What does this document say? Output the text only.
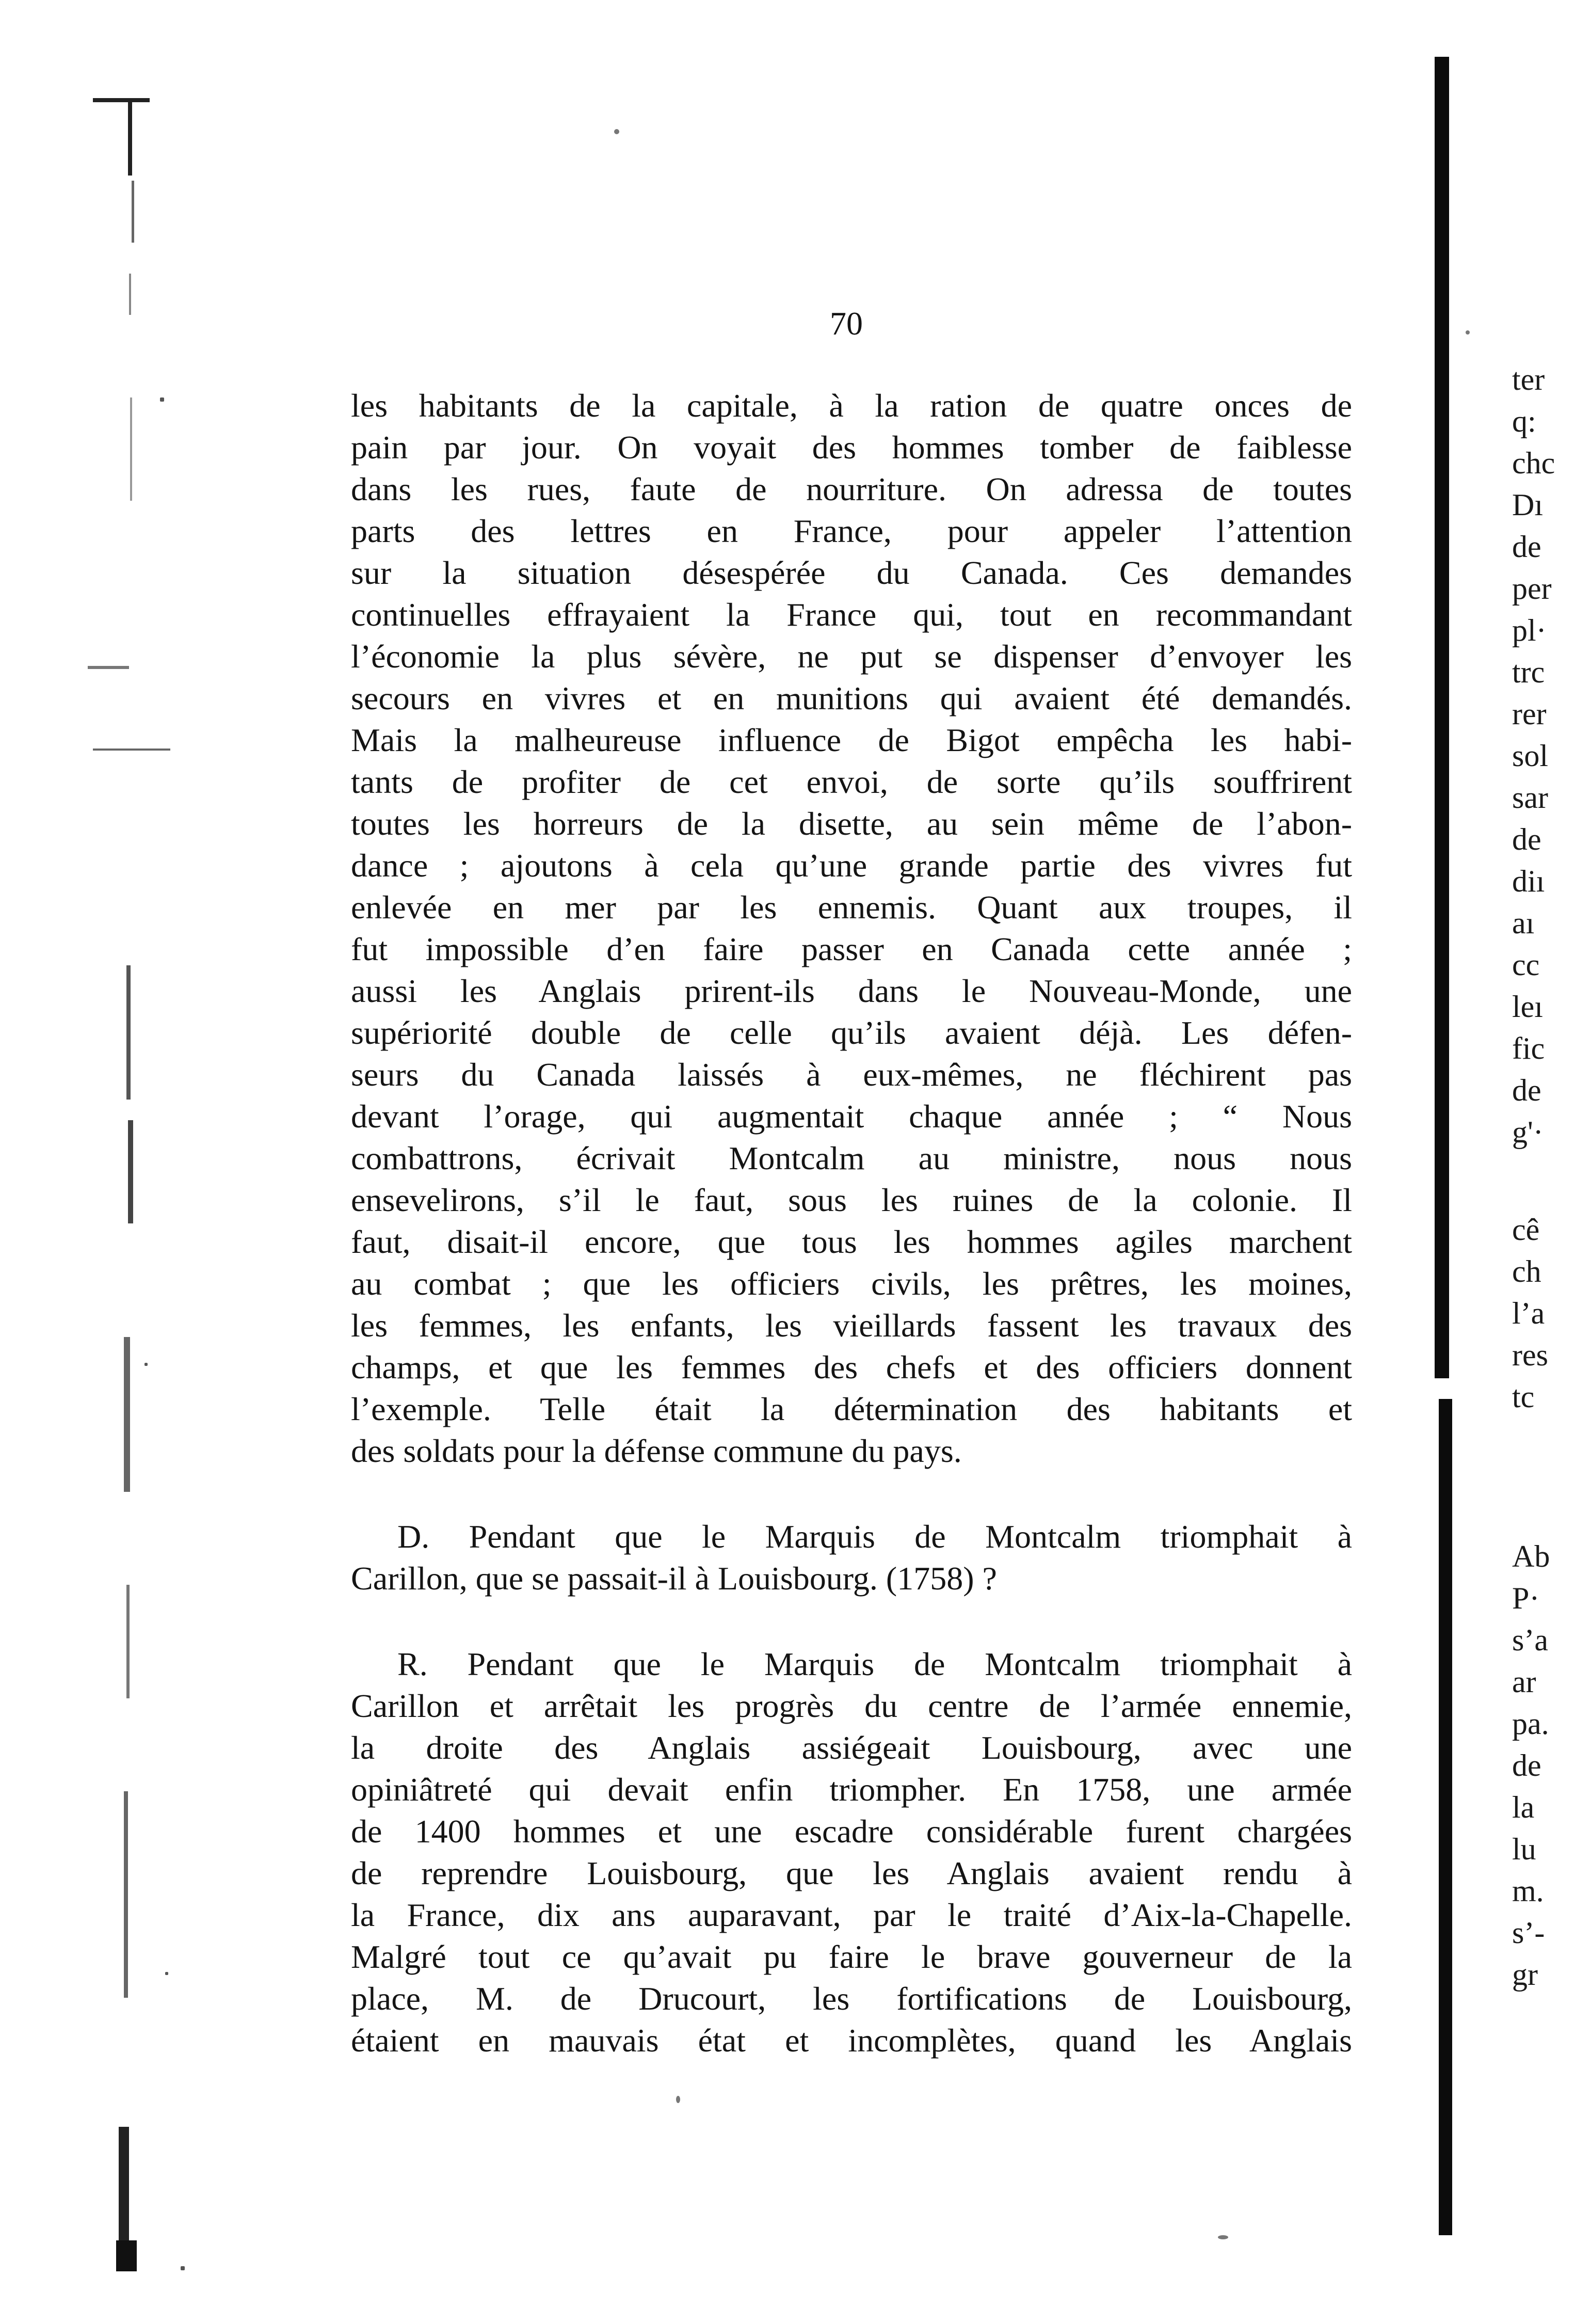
70
les habitants de la capitale, à la ration de quatre onces de
pain par jour. On voyait des hommes tomber de faiblesse
dans les rues, faute de nourriture. On adressa de toutes
parts des lettres en France, pour appeler l’attention
sur la situation désespérée du Canada. Ces demandes
continuelles effrayaient la France qui, tout en recommandant
l’économie la plus sévère, ne put se dispenser d’envoyer les
secours en vivres et en munitions qui avaient été demandés.
Mais la malheureuse influence de Bigot empêcha les habi-
tants de profiter de cet envoi, de sorte qu’ils souffrirent
toutes les horreurs de la disette, au sein même de l’abon-
dance ; ajoutons à cela qu’une grande partie des vivres fut
enlevée en mer par les ennemis. Quant aux troupes, il
fut impossible d’en faire passer en Canada cette année ;
aussi les Anglais prirent-ils dans le Nouveau-Monde, une
supériorité double de celle qu’ils avaient déjà. Les défen-
seurs du Canada laissés à eux-mêmes, ne fléchirent pas
devant l’orage, qui augmentait chaque année ; “ Nous
combattrons, écrivait Montcalm au ministre, nous nous
ensevelirons, s’il le faut, sous les ruines de la colonie. Il
faut, disait-il encore, que tous les hommes agiles marchent
au combat ; que les officiers civils, les prêtres, les moines,
les femmes, les enfants, les vieillards fassent les travaux des
champs, et que les femmes des chefs et des officiers donnent
l’exemple. Telle était la détermination des habitants et
des soldats pour la défense commune du pays.
D. Pendant que le Marquis de Montcalm triomphait à
Carillon, que se passait-il à Louisbourg. (1758) ?
R. Pendant que le Marquis de Montcalm triomphait à
Carillon et arrêtait les progrès du centre de l’armée ennemie,
la droite des Anglais assiégeait Louisbourg, avec une
opiniâtreté qui devait enfin triompher. En 1758, une armée
de 1400 hommes et une escadre considérable furent chargées
de reprendre Louisbourg, que les Anglais avaient rendu à
la France, dix ans auparavant, par le traité d’Aix-la-Chapelle.
Malgré tout ce qu’avait pu faire le brave gouverneur de la
place, M. de Drucourt, les fortifications de Louisbourg,
étaient en mauvais état et incomplètes, quand les Anglais
ter
q:
chc
Dı
de
per
pl·
trc
rer
sol
sar
de
diı
aı
cc
leı
fic
de
g'·
cê
ch
l’a
res
tc
Ab
P·
s’a
ar
pa.
de
la
lu
m.
s’-
gr
